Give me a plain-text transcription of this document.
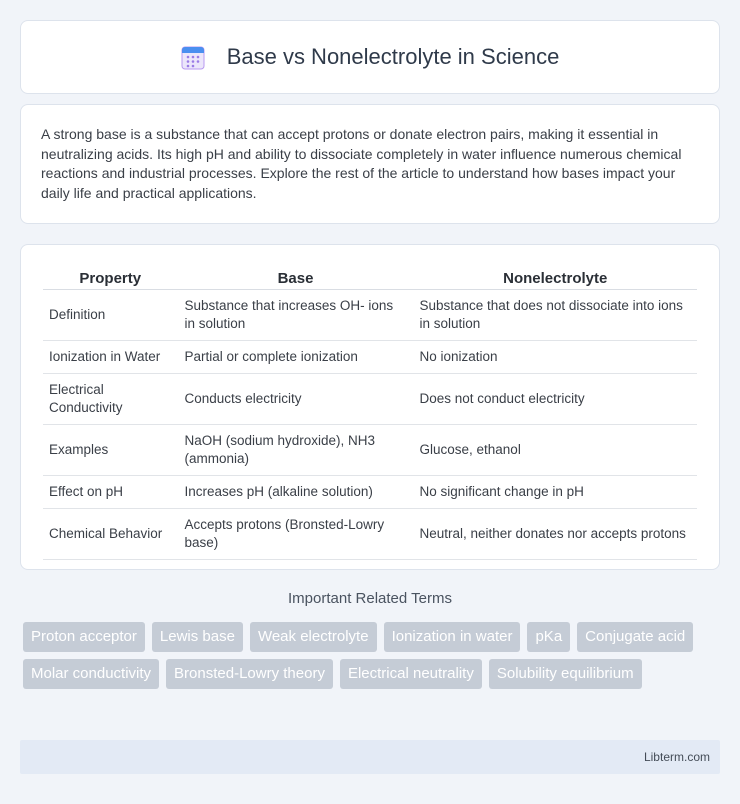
Base vs Nonelectrolyte in Science

A strong base is a substance that can accept protons or donate electron pairs, making it essential in neutralizing acids. Its high pH and ability to dissociate completely in water influence numerous chemical reactions and industrial processes. Explore the rest of the article to understand how bases impact your daily life and practical applications.

Property	Base	Nonelectrolyte
Definition	Substance that increases OH- ions in solution	Substance that does not dissociate into ions in solution
Ionization in Water	Partial or complete ionization	No ionization
Electrical Conductivity	Conducts electricity	Does not conduct electricity
Examples	NaOH (sodium hydroxide), NH3 (ammonia)	Glucose, ethanol
Effect on pH	Increases pH (alkaline solution)	No significant change in pH
Chemical Behavior	Accepts protons (Bronsted-Lowry base)	Neutral, neither donates nor accepts protons
Important Related Terms
Proton acceptor	Lewis base	Weak electrolyte	Ionization in water	pKa	Conjugate acid
Molar conductivity	Bronsted-Lowry theory	Electrical neutrality	Solubility equilibrium
Libterm.com
